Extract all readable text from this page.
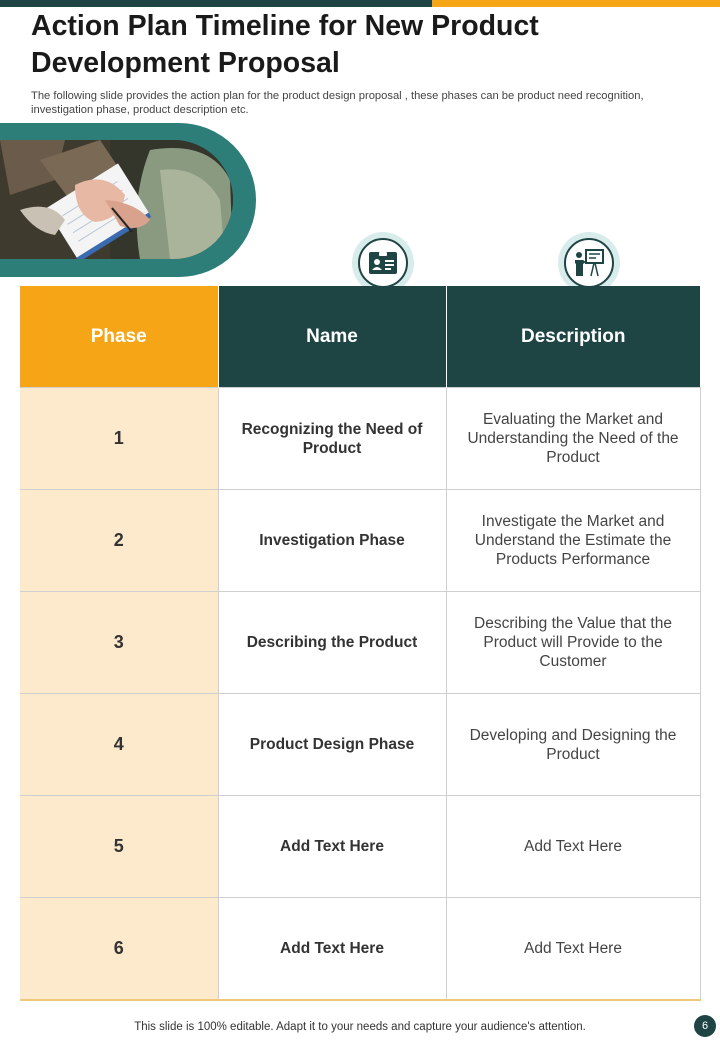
Action Plan Timeline for New Product Development Proposal

The following slide provides the action plan for the product design proposal , these phases can be product need recognition, investigation phase, product description etc.

Phase	Name	Description
1	Recognizing the Need of Product	Evaluating the Market and Understanding the Need of the Product
2	Investigation Phase	Investigate the Market and Understand the Estimate the Products Performance
3	Describing the Product	Describing the Value that the Product will Provide to the Customer
4	Product Design Phase	Developing and Designing the Product
5	Add Text Here	Add Text Here
6	Add Text Here	Add Text Here
This slide is 100% editable. Adapt it to your needs and capture your audience's attention.	6
